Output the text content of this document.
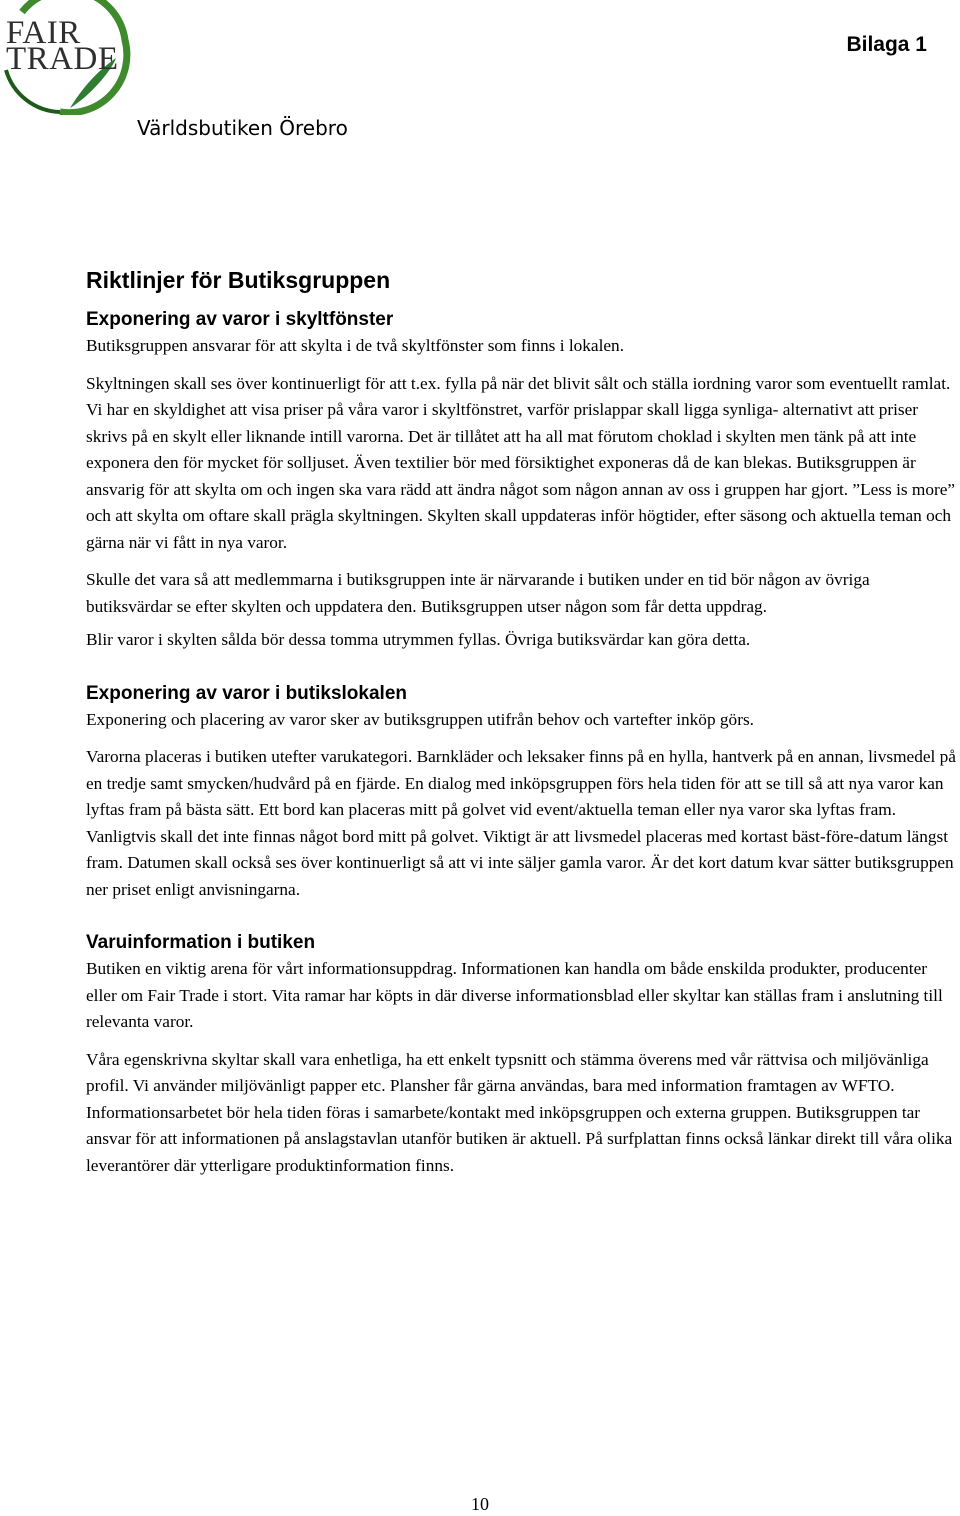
FAIR TRADE
Världsbutiken Örebro
Bilaga 1
Riktlinjer för Butiksgruppen
Exponering av varor i skyltfönster

Butiksgruppen ansvarar för att skylta i de två skyltfönster som finns i lokalen.

Skyltningen skall ses över kontinuerligt för att t.ex. fylla på när det blivit sålt och ställa iordning varor som eventuellt ramlat. Vi har en skyldighet att visa priser på våra varor i skyltfönstret, varför prislappar skall ligga synliga- alternativt att priser skrivs på en skylt eller liknande intill varorna. Det är tillåtet att ha all mat förutom choklad i skylten men tänk på att inte exponera den för mycket för solljuset. Även textilier bör med försiktighet exponeras då de kan blekas. Butiksgruppen är ansvarig för att skylta om och ingen ska vara rädd att ändra något som någon annan av oss i gruppen har gjort. ”Less is more” och att skylta om oftare skall prägla skyltningen. Skylten skall uppdateras inför högtider, efter säsong och aktuella teman och gärna när vi fått in nya varor.

Skulle det vara så att medlemmarna i butiksgruppen inte är närvarande i butiken under en tid bör någon av övriga butiksvärdar se efter skylten och uppdatera den. Butiksgruppen utser någon som får detta uppdrag.

Blir varor i skylten sålda bör dessa tomma utrymmen fyllas. Övriga butiksvärdar kan göra detta.

Exponering av varor i butikslokalen

Exponering och placering av varor sker av butiksgruppen utifrån behov och vartefter inköp görs.

Varorna placeras i butiken utefter varukategori. Barnkläder och leksaker finns på en hylla, hantverk på en annan, livsmedel på en tredje samt smycken/hudvård på en fjärde. En dialog med inköpsgruppen förs hela tiden för att se till så att nya varor kan lyftas fram på bästa sätt. Ett bord kan placeras mitt på golvet vid event/aktuella teman eller nya varor ska lyftas fram. Vanligtvis skall det inte finnas något bord mitt på golvet. Viktigt är att livsmedel placeras med kortast bäst-före-datum längst fram. Datumen skall också ses över kontinuerligt så att vi inte säljer gamla varor. Är det kort datum kvar sätter butiksgruppen ner priset enligt anvisningarna.

Varuinformation i butiken

Butiken en viktig arena för vårt informationsuppdrag. Informationen kan handla om både enskilda produkter, producenter eller om Fair Trade i stort. Vita ramar har köpts in där diverse informationsblad eller skyltar kan ställas fram i anslutning till relevanta varor.

Våra egenskrivna skyltar skall vara enhetliga, ha ett enkelt typsnitt och stämma överens med vår rättvisa och miljövänliga profil. Vi använder miljövänligt papper etc. Plansher får gärna användas, bara med information framtagen av WFTO. Informationsarbetet bör hela tiden föras i samarbete/kontakt med inköpsgruppen och externa gruppen. Butiksgruppen tar ansvar för att informationen på anslagstavlan utanför butiken är aktuell. På surfplattan finns också länkar direkt till våra olika leverantörer där ytterligare produktinformation finns.

10
